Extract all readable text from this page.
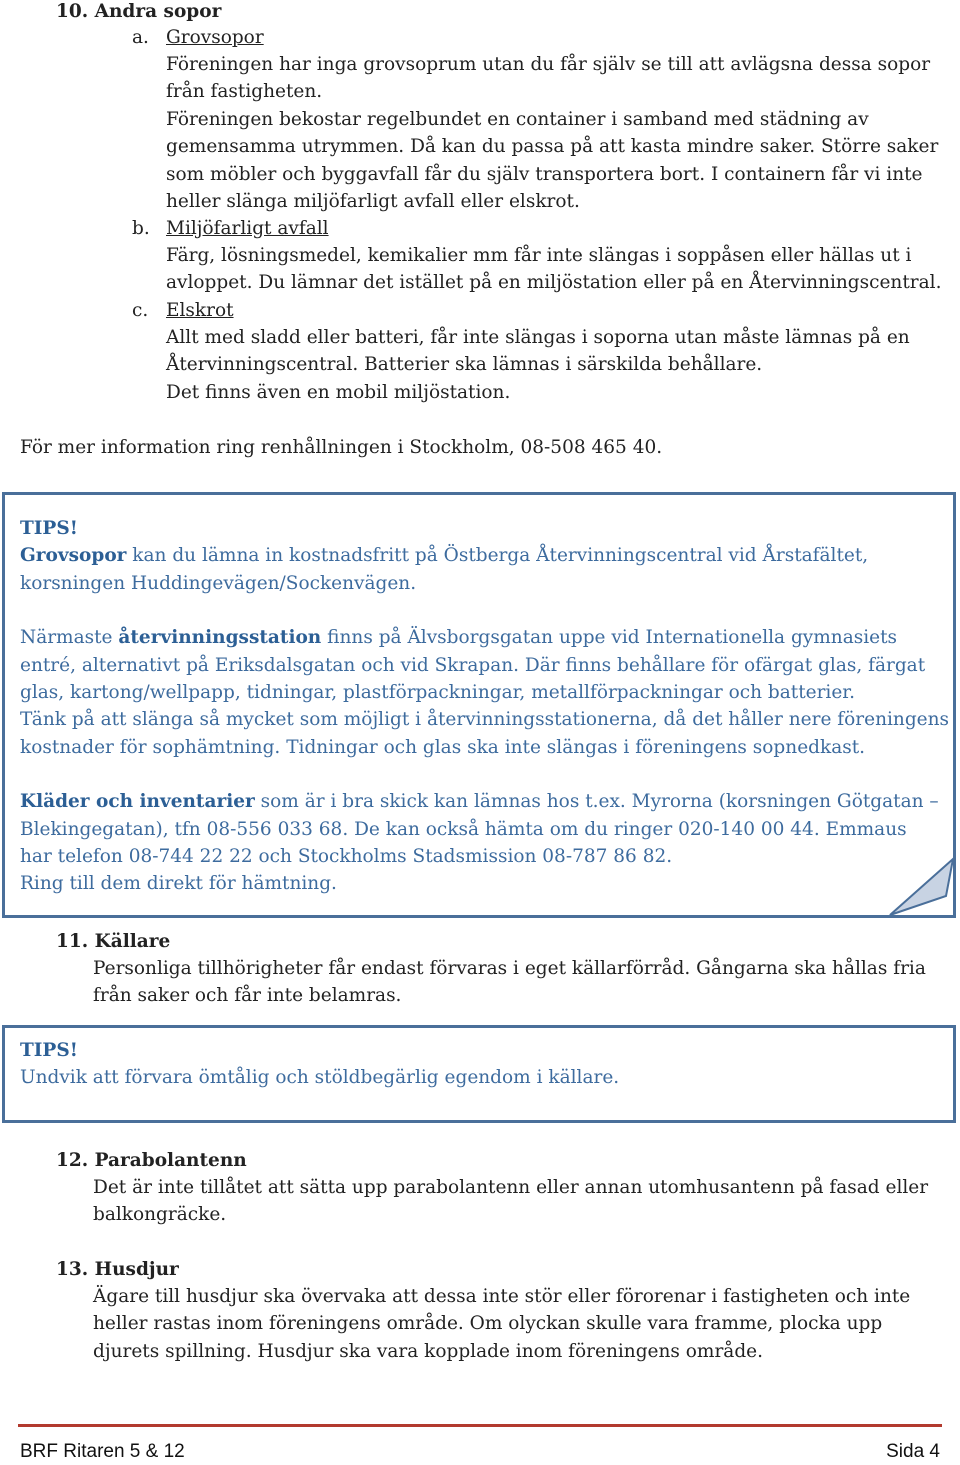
10. Andra sopor
a. Grovsopor
Föreningen har inga grovsoprum utan du får själv se till att avlägsna dessa sopor
från fastigheten.
Föreningen bekostar regelbundet en container i samband med städning av
gemensamma utrymmen. Då kan du passa på att kasta mindre saker. Större saker
som möbler och byggavfall får du själv transportera bort. I containern får vi inte
heller slänga miljöfarligt avfall eller elskrot.
b. Miljöfarligt avfall
Färg, lösningsmedel, kemikalier mm får inte slängas i soppåsen eller hällas ut i
avloppet. Du lämnar det istället på en miljöstation eller på en Återvinningscentral.
c. Elskrot
Allt med sladd eller batteri, får inte slängas i soporna utan måste lämnas på en
Återvinningscentral. Batterier ska lämnas i särskilda behållare.
Det finns även en mobil miljöstation.
För mer information ring renhållningen i Stockholm, 08-508 465 40.
TIPS!
Grovsopor kan du lämna in kostnadsfritt på Östberga Återvinningscentral vid Årstafältet,
korsningen Huddingevägen/Sockenvägen.
Närmaste återvinningsstation finns på Älvsborgsgatan uppe vid Internationella gymnasiets
entré, alternativt på Eriksdalsgatan och vid Skrapan. Där finns behållare för ofärgat glas, färgat
glas, kartong/wellpapp, tidningar, plastförpackningar, metallförpackningar och batterier.
Tänk på att slänga så mycket som möjligt i återvinningsstationerna, då det håller nere föreningens
kostnader för sophämtning. Tidningar och glas ska inte slängas i föreningens sopnedkast.
Kläder och inventarier som är i bra skick kan lämnas hos t.ex. Myrorna (korsningen Götgatan –
Blekingegatan), tfn 08-556 033 68. De kan också hämta om du ringer 020-140 00 44. Emmaus
har telefon 08-744 22 22 och Stockholms Stadsmission 08-787 86 82.
Ring till dem direkt för hämtning.
11. Källare
Personliga tillhörigheter får endast förvaras i eget källarförråd. Gångarna ska hållas fria
från saker och får inte belamras.
TIPS!
Undvik att förvara ömtålig och stöldbegärlig egendom i källare.
12. Parabolantenn
Det är inte tillåtet att sätta upp parabolantenn eller annan utomhusantenn på fasad eller
balkongräcke.
13. Husdjur
Ägare till husdjur ska övervaka att dessa inte stör eller förorenar i fastigheten och inte
heller rastas inom föreningens område. Om olyckan skulle vara framme, plocka upp
djurets spillning. Husdjur ska vara kopplade inom föreningens område.
BRF Ritaren 5 & 12	Sida 4
